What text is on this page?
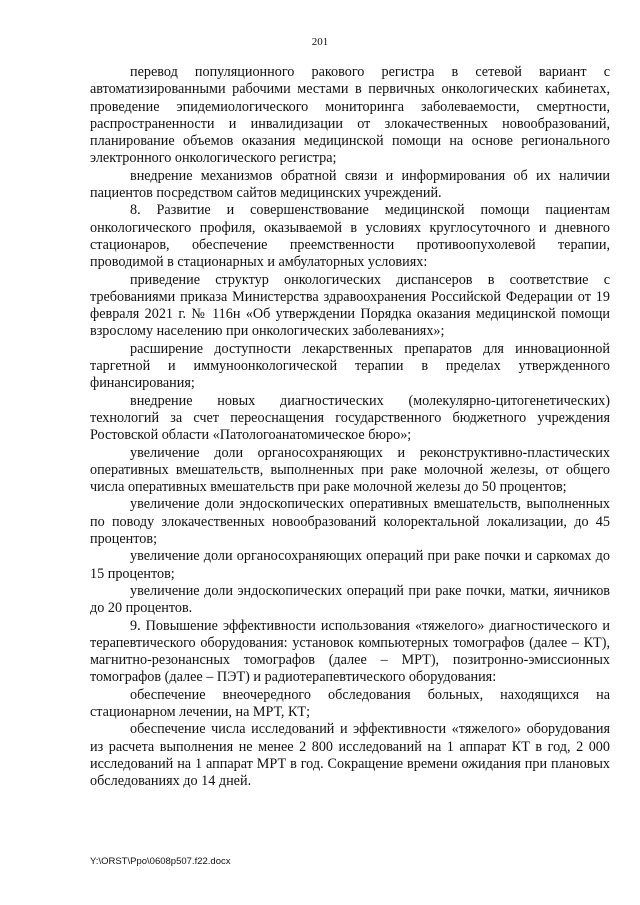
201

перевод популяционного ракового регистра в сетевой вариант с автоматизированными рабочими местами в первичных онкологических кабинетах, проведение эпидемиологического мониторинга заболеваемости, смертности, распространенности и инвалидизации от злокачественных новообразований, планирование объемов оказания медицинской помощи на основе регионального электронного онкологического регистра;

внедрение механизмов обратной связи и информирования об их наличии пациентов посредством сайтов медицинских учреждений.

8. Развитие и совершенствование медицинской помощи пациентам онкологического профиля, оказываемой в условиях круглосуточного и дневного стационаров, обеспечение преемственности противоопухолевой терапии, проводимой в стационарных и амбулаторных условиях:

приведение структур онкологических диспансеров в соответствие с требованиями приказа Министерства здравоохранения Российской Федерации от 19 февраля 2021 г. № 116н «Об утверждении Порядка оказания медицинской помощи взрослому населению при онкологических заболеваниях»;

расширение доступности лекарственных препаратов для инновационной таргетной и иммуноонкологической терапии в пределах утвержденного финансирования;

внедрение новых диагностических (молекулярно-цитогенетических) технологий за счет переоснащения государственного бюджетного учреждения Ростовской области «Патологоанатомическое бюро»;

увеличение доли органосохраняющих и реконструктивно-пластических оперативных вмешательств, выполненных при раке молочной железы, от общего числа оперативных вмешательств при раке молочной железы до 50 процентов;

увеличение доли эндоскопических оперативных вмешательств, выполненных по поводу злокачественных новообразований колоректальной локализации, до 45 процентов;

увеличение доли органосохраняющих операций при раке почки и саркомах до 15 процентов;

увеличение доли эндоскопических операций при раке почки, матки, яичников до 20 процентов.

9. Повышение эффективности использования «тяжелого» диагностического и терапевтического оборудования: установок компьютерных томографов (далее – КТ), магнитно-резонансных томографов (далее – МРТ), позитронно-эмиссионных томографов (далее – ПЭТ) и радиотерапевтического оборудования:

обеспечение внеочередного обследования больных, находящихся на стационарном лечении, на МРТ, КТ;

обеспечение числа исследований и эффективности «тяжелого» оборудования из расчета выполнения не менее 2 800 исследований на 1 аппарат КТ в год, 2 000 исследований на 1 аппарат МРТ в год. Сокращение времени ожидания при плановых обследованиях до 14 дней.

Y:\ORST\Ppo\0608p507.f22.docx
